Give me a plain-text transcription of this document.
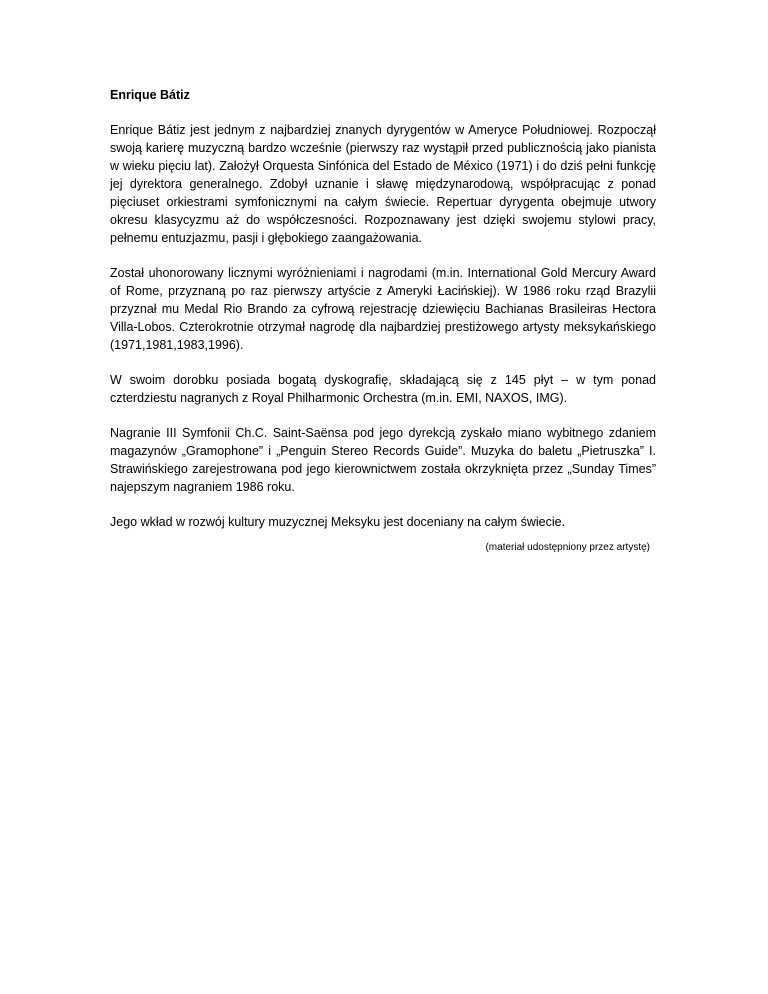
Enrique Bátiz

Enrique Bátiz jest jednym z najbardziej znanych dyrygentów w Ameryce Południowej. Rozpoczął swoją karierę muzyczną bardzo wcześnie (pierwszy raz wystąpił przed publicznością jako pianista w wieku pięciu lat). Założył Orquesta Sinfónica del Estado de México (1971) i do dziś pełni funkcję jej dyrektora generalnego. Zdobył uznanie i sławę międzynarodową, współpracując z ponad pięciuset orkiestrami symfonicznymi na całym świecie. Repertuar dyrygenta obejmuje utwory okresu klasycyzmu aż do współczesności. Rozpoznawany jest dzięki swojemu stylowi pracy, pełnemu entuzjazmu, pasji i głębokiego zaangażowania.

Został uhonorowany licznymi wyróżnieniami i nagrodami (m.in. International Gold Mercury Award of Rome, przyznaną po raz pierwszy artyście z Ameryki Łacińskiej). W 1986 roku rząd Brazylii przyznał mu Medal Rio Brando za cyfrową rejestrację dziewięciu Bachianas Brasileiras Hectora Villa-Lobos. Czterokrotnie otrzymał nagrodę dla najbardziej prestiżowego artysty meksykańskiego (1971,1981,1983,1996).

W swoim dorobku posiada bogatą dyskografię, składającą się z 145 płyt – w tym ponad czterdziestu nagranych z Royal Philharmonic Orchestra (m.in. EMI, NAXOS, IMG).

Nagranie III Symfonii Ch.C. Saint-Saënsa pod jego dyrekcją zyskało miano wybitnego zdaniem magazynów „Gramophone” i „Penguin Stereo Records Guide”. Muzyka do baletu „Pietruszka” I. Strawińskiego zarejestrowana pod jego kierownictwem została okrzyknięta przez „Sunday Times” najepszym nagraniem 1986 roku.

Jego wkład w rozwój kultury muzycznej Meksyku jest doceniany na całym świecie.

(materiał udostępniony przez artystę)
